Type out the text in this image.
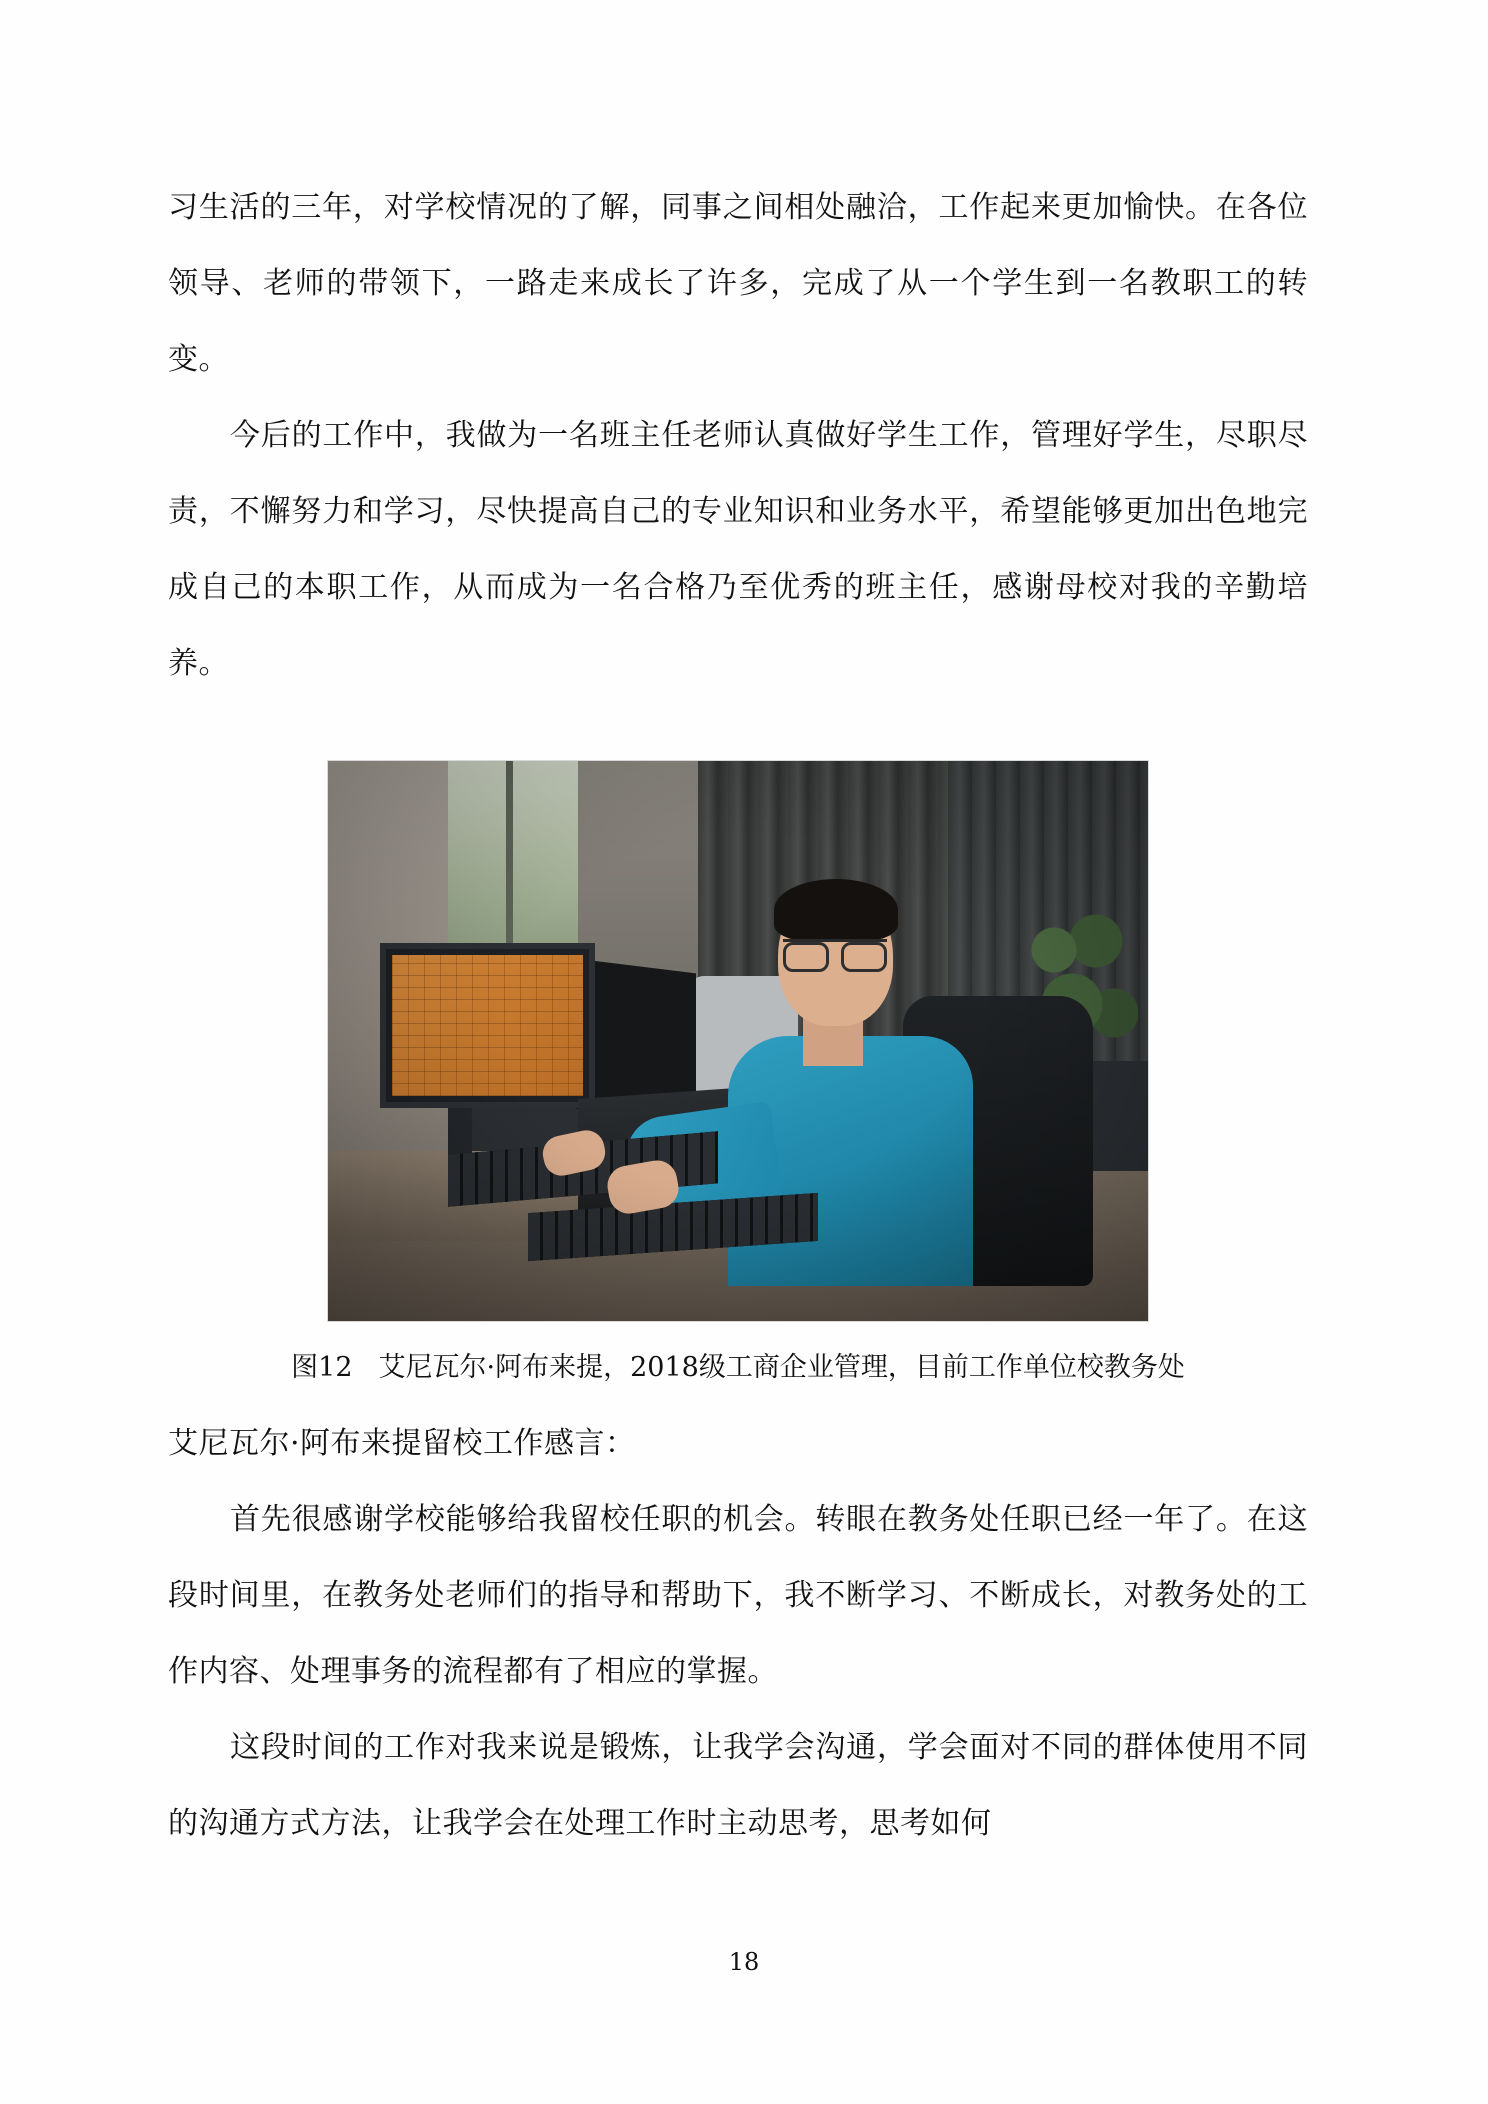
习生活的三年，对学校情况的了解，同事之间相处融洽，工作起来更加愉快。在各位领导、老师的带领下，一路走来成长了许多，完成了从一个学生到一名教职工的转变。

今后的工作中，我做为一名班主任老师认真做好学生工作，管理好学生，尽职尽责，不懈努力和学习，尽快提高自己的专业知识和业务水平，希望能够更加出色地完成自己的本职工作，从而成为一名合格乃至优秀的班主任，感谢母校对我的辛勤培养。

图12 艾尼瓦尔·阿布来提，2018级工商企业管理，目前工作单位校教务处

艾尼瓦尔·阿布来提留校工作感言：

首先很感谢学校能够给我留校任职的机会。转眼在教务处任职已经一年了。在这段时间里，在教务处老师们的指导和帮助下，我不断学习、不断成长，对教务处的工作内容、处理事务的流程都有了相应的掌握。

这段时间的工作对我来说是锻炼，让我学会沟通，学会面对不同的群体使用不同的沟通方式方法，让我学会在处理工作时主动思考，思考如何

18
